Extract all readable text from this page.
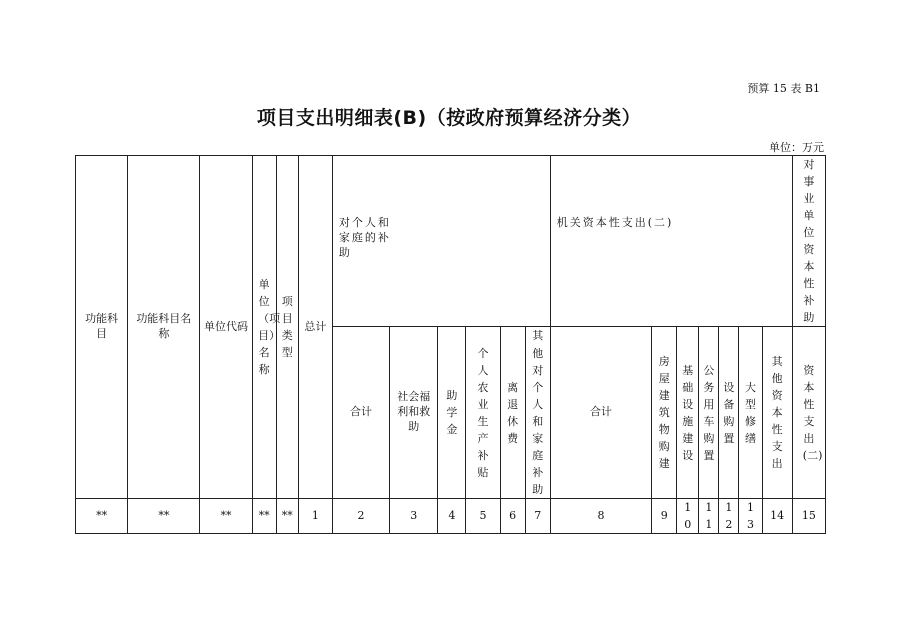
预算 15 表 B1
项目支出明细表(B)（按政府预算经济分类）
单位：万元
功能科目	功能科目名称	单位代码	单位（项目）名称	项目类型	总计	对个人和家庭的补助						机关资本性支出(二)							对事业单位资本性补助
						合计	社会福利和救助	助学金	个人农业生产补贴	离退休费	其他对个人和家庭补助	合计	房屋建筑物购建	基础设施建设	公务用车购置	设备购置	大型修缮	其他资本性支出	资本性支出(二)
**	**	**	**	**	1	2	3	4	5	6	7	8	9	10	11	12	13	14	15
